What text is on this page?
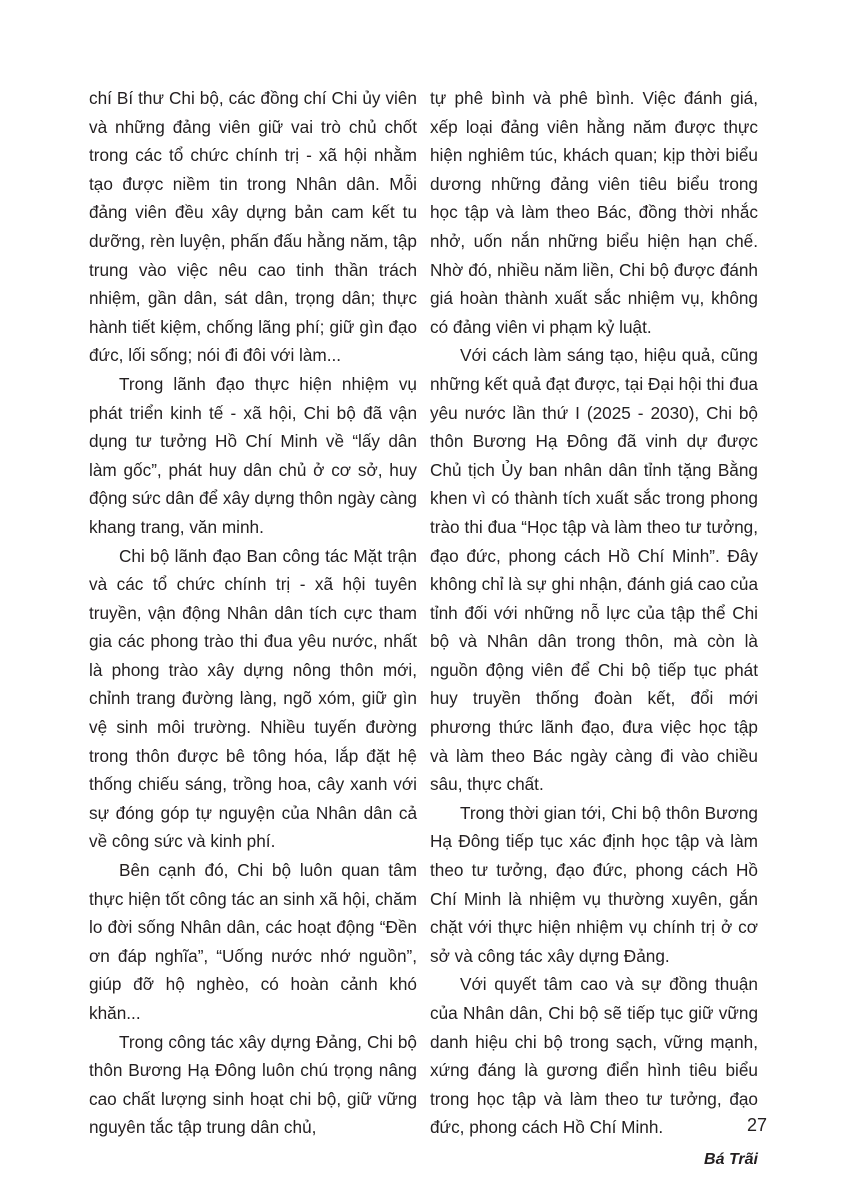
chí Bí thư Chi bộ, các đồng chí Chi ủy viên và những đảng viên giữ vai trò chủ chốt trong các tổ chức chính trị - xã hội nhằm tạo được niềm tin trong Nhân dân. Mỗi đảng viên đều xây dựng bản cam kết tu dưỡng, rèn luyện, phấn đấu hằng năm, tập trung vào việc nêu cao tinh thần trách nhiệm, gần dân, sát dân, trọng dân; thực hành tiết kiệm, chống lãng phí; giữ gìn đạo đức, lối sống; nói đi đôi với làm...

Trong lãnh đạo thực hiện nhiệm vụ phát triển kinh tế - xã hội, Chi bộ đã vận dụng tư tưởng Hồ Chí Minh về “lấy dân làm gốc”, phát huy dân chủ ở cơ sở, huy động sức dân để xây dựng thôn ngày càng khang trang, văn minh.

Chi bộ lãnh đạo Ban công tác Mặt trận và các tổ chức chính trị - xã hội tuyên truyền, vận động Nhân dân tích cực tham gia các phong trào thi đua yêu nước, nhất là phong trào xây dựng nông thôn mới, chỉnh trang đường làng, ngõ xóm, giữ gìn vệ sinh môi trường. Nhiều tuyến đường trong thôn được bê tông hóa, lắp đặt hệ thống chiếu sáng, trồng hoa, cây xanh với sự đóng góp tự nguyện của Nhân dân cả về công sức và kinh phí.

Bên cạnh đó, Chi bộ luôn quan tâm thực hiện tốt công tác an sinh xã hội, chăm lo đời sống Nhân dân, các hoạt động “Đền ơn đáp nghĩa”, “Uống nước nhớ nguồn”, giúp đỡ hộ nghèo, có hoàn cảnh khó khăn...

Trong công tác xây dựng Đảng, Chi bộ thôn Bương Hạ Đông luôn chú trọng nâng cao chất lượng sinh hoạt chi bộ, giữ vững nguyên tắc tập trung dân chủ,

tự phê bình và phê bình. Việc đánh giá, xếp loại đảng viên hằng năm được thực hiện nghiêm túc, khách quan; kịp thời biểu dương những đảng viên tiêu biểu trong học tập và làm theo Bác, đồng thời nhắc nhở, uốn nắn những biểu hiện hạn chế. Nhờ đó, nhiều năm liền, Chi bộ được đánh giá hoàn thành xuất sắc nhiệm vụ, không có đảng viên vi phạm kỷ luật.

Với cách làm sáng tạo, hiệu quả, cũng những kết quả đạt được, tại Đại hội thi đua yêu nước lần thứ I (2025 - 2030), Chi bộ thôn Bương Hạ Đông đã vinh dự được Chủ tịch Ủy ban nhân dân tỉnh tặng Bằng khen vì có thành tích xuất sắc trong phong trào thi đua “Học tập và làm theo tư tưởng, đạo đức, phong cách Hồ Chí Minh”. Đây không chỉ là sự ghi nhận, đánh giá cao của tỉnh đối với những nỗ lực của tập thể Chi bộ và Nhân dân trong thôn, mà còn là nguồn động viên để Chi bộ tiếp tục phát huy truyền thống đoàn kết, đổi mới phương thức lãnh đạo, đưa việc học tập và làm theo Bác ngày càng đi vào chiều sâu, thực chất.

Trong thời gian tới, Chi bộ thôn Bương Hạ Đông tiếp tục xác định học tập và làm theo tư tưởng, đạo đức, phong cách Hồ Chí Minh là nhiệm vụ thường xuyên, gắn chặt với thực hiện nhiệm vụ chính trị ở cơ sở và công tác xây dựng Đảng.

Với quyết tâm cao và sự đồng thuận của Nhân dân, Chi bộ sẽ tiếp tục giữ vững danh hiệu chi bộ trong sạch, vững mạnh, xứng đáng là gương điển hình tiêu biểu trong học tập và làm theo tư tưởng, đạo đức, phong cách Hồ Chí Minh.

Bá Trãi

27
